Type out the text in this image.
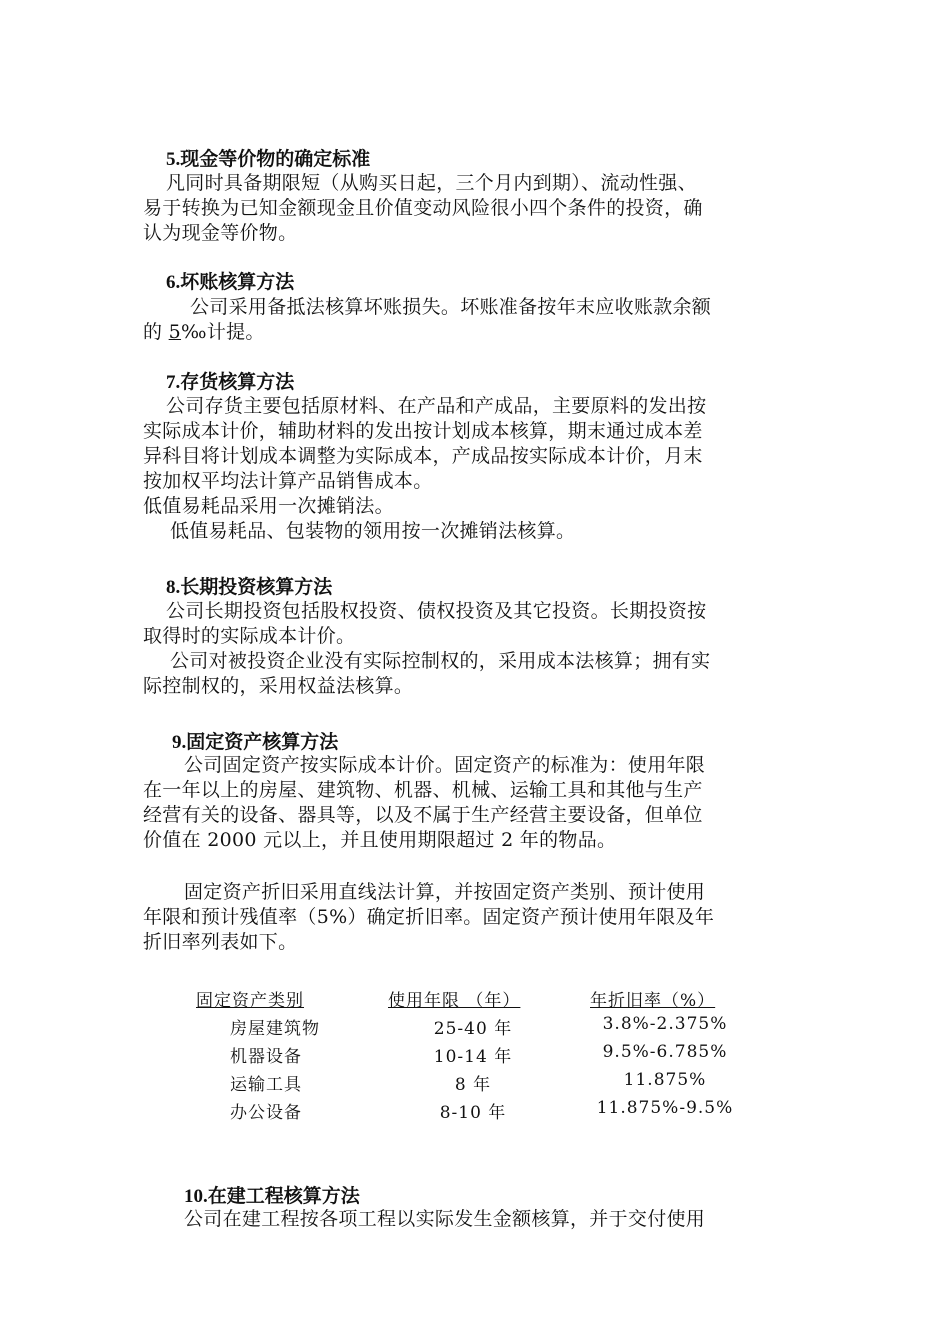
5.现金等价物的确定标准
凡同时具备期限短（从购买日起，三个月内到期）、流动性强、
易于转换为已知金额现金且价值变动风险很小四个条件的投资，确
认为现金等价物。
6.坏账核算方法
公司采用备抵法核算坏账损失。坏账准备按年末应收账款余额
的 5‰计提。
7.存货核算方法
公司存货主要包括原材料、在产品和产成品，主要原料的发出按
实际成本计价，辅助材料的发出按计划成本核算，期末通过成本差
异科目将计划成本调整为实际成本，产成品按实际成本计价，月末
按加权平均法计算产品销售成本。
低值易耗品采用一次摊销法。
低值易耗品、包装物的领用按一次摊销法核算。
8.长期投资核算方法
公司长期投资包括股权投资、债权投资及其它投资。长期投资按
取得时的实际成本计价。
公司对被投资企业没有实际控制权的，采用成本法核算；拥有实
际控制权的，采用权益法核算。
9.固定资产核算方法
公司固定资产按实际成本计价。固定资产的标准为：使用年限
在一年以上的房屋、建筑物、机器、机械、运输工具和其他与生产
经营有关的设备、器具等，以及不属于生产经营主要设备，但单位
价值在 2000 元以上，并且使用期限超过 2 年的物品。
固定资产折旧采用直线法计算，并按固定资产类别、预计使用
年限和预计残值率（5%）确定折旧率。固定资产预计使用年限及年
折旧率列表如下。
固定资产类别	使用年限 （年）	年折旧率（%）
房屋建筑物	25-40 年	3.8%-2.375%
机器设备	10-14 年	9.5%-6.785%
运输工具	8 年	11.875%
办公设备	8-10 年	11.875%-9.5%
10.在建工程核算方法
公司在建工程按各项工程以实际发生金额核算，并于交付使用
